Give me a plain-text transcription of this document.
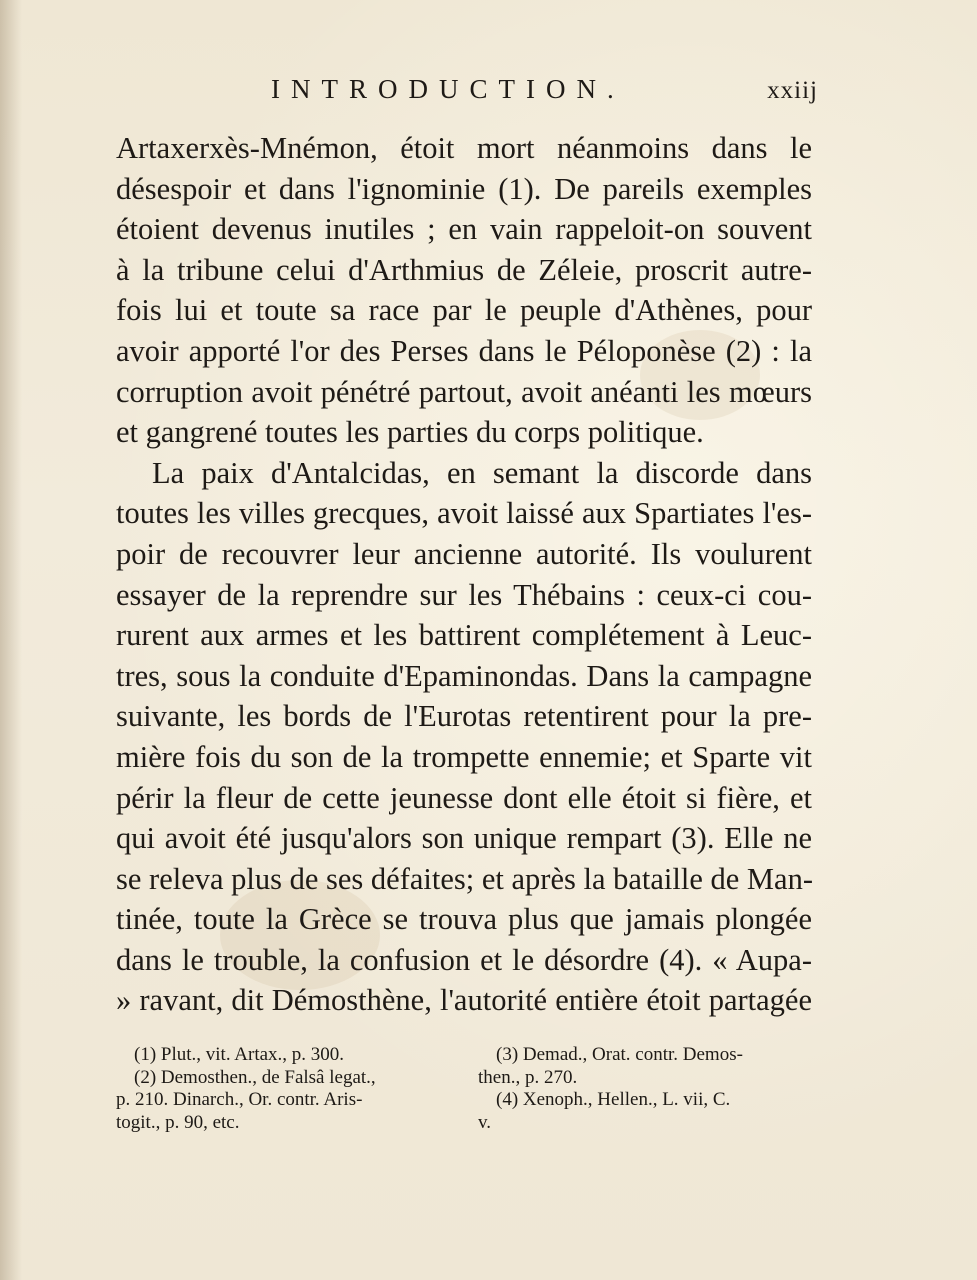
INTRODUCTION.	xxiij
Artaxerxès-Mnémon, étoit mort néanmoins dans le
désespoir et dans l'ignominie (1). De pareils exemples
étoient devenus inutiles ; en vain rappeloit-on souvent
à la tribune celui d'Arthmius de Zéleie, proscrit autre-
fois lui et toute sa race par le peuple d'Athènes, pour
avoir apporté l'or des Perses dans le Péloponèse (2) : la
corruption avoit pénétré partout, avoit anéanti les mœurs
et gangrené toutes les parties du corps politique.
La paix d'Antalcidas, en semant la discorde dans
toutes les villes grecques, avoit laissé aux Spartiates l'es-
poir de recouvrer leur ancienne autorité. Ils voulurent
essayer de la reprendre sur les Thébains : ceux-ci cou-
rurent aux armes et les battirent complétement à Leuc-
tres, sous la conduite d'Epaminondas. Dans la campagne
suivante, les bords de l'Eurotas retentirent pour la pre-
mière fois du son de la trompette ennemie; et Sparte vit
périr la fleur de cette jeunesse dont elle étoit si fière, et
qui avoit été jusqu'alors son unique rempart (3). Elle ne
se releva plus de ses défaites; et après la bataille de Man-
tinée, toute la Grèce se trouva plus que jamais plongée
dans le trouble, la confusion et le désordre (4). « Aupa-
» ravant, dit Démosthène, l'autorité entière étoit partagée
(1) Plut., vit. Artax., p. 300.
(2) Demosthen., de Falsâ legat.,
p. 210. Dinarch., Or. contr. Aris-
togit., p. 90, etc.
(3) Demad., Orat. contr. Demos-
then., p. 270.
(4) Xenoph., Hellen., L. vii, C.
v.
